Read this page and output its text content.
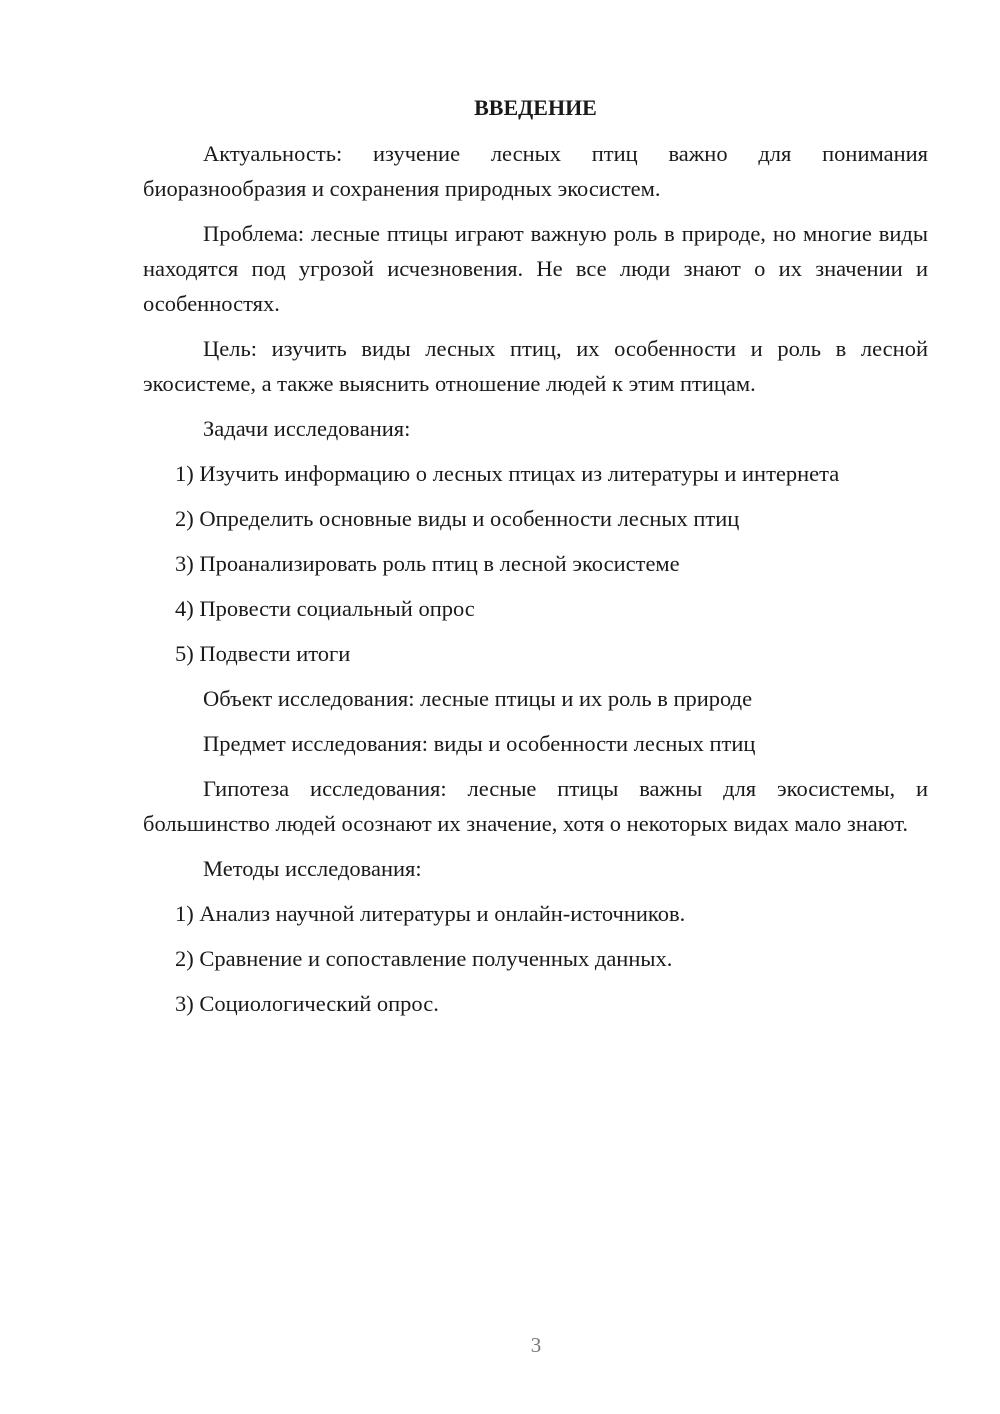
ВВЕДЕНИЕ

Актуальность: изучение лесных птиц важно для понимания биоразнообразия и сохранения природных экосистем.

Проблема: лесные птицы играют важную роль в природе, но многие виды находятся под угрозой исчезновения. Не все люди знают о их значении и особенностях.

Цель: изучить виды лесных птиц, их особенности и роль в лесной экосистеме, а также выяснить отношение людей к этим птицам.

Задачи исследования:
1) Изучить информацию о лесных птицах из литературы и интернета
2) Определить основные виды и особенности лесных птиц
3) Проанализировать роль птиц в лесной экосистеме
4) Провести социальный опрос
5) Подвести итоги
Объект исследования: лесные птицы и их роль в природе
Предмет исследования: виды и особенности лесных птиц

Гипотеза исследования: лесные птицы важны для экосистемы, и большинство людей осознают их значение, хотя о некоторых видах мало знают.

Методы исследования:
1) Анализ научной литературы и онлайн-источников.
2) Сравнение и сопоставление полученных данных.
3) Социологический опрос.
3
